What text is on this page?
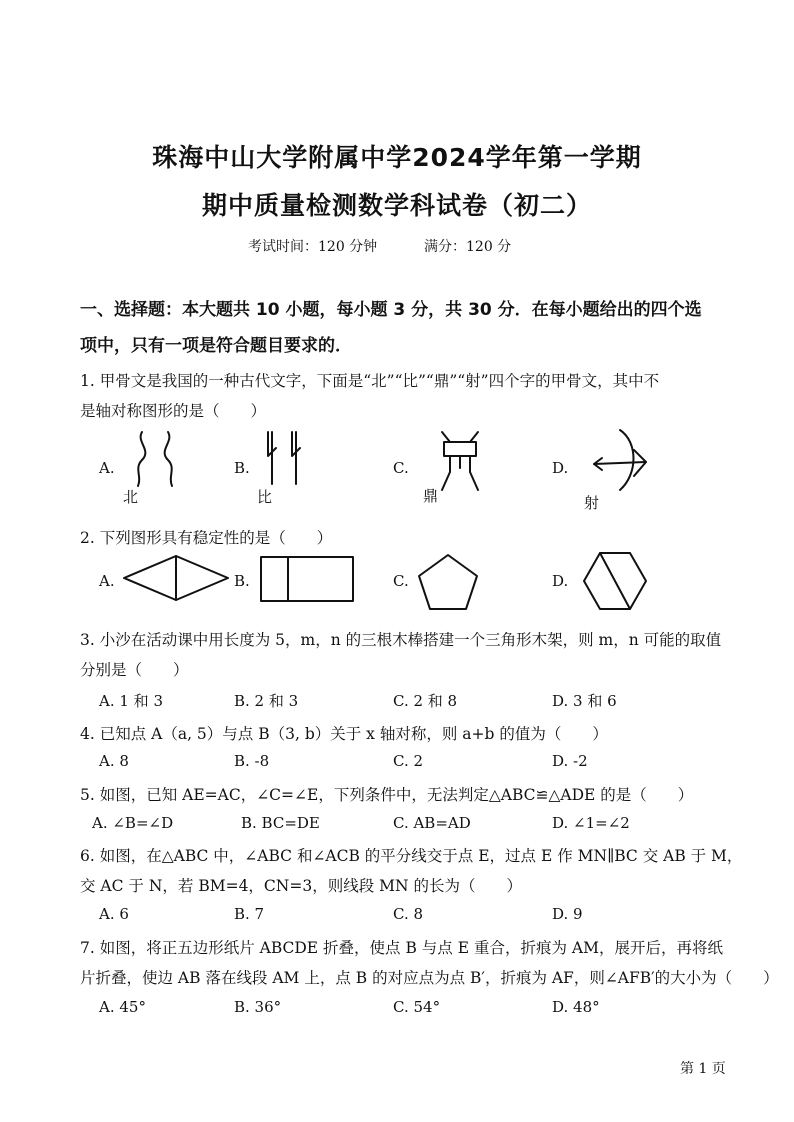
珠海中山大学附属中学2024学年第一学期
期中质量检测数学科试卷（初二）
考试时间：120 分钟	满分：120 分
一、选择题：本大题共 10 小题，每小题 3 分，共 30 分．在每小题给出的四个选
项中，只有一项是符合题目要求的．
1. 甲骨文是我国的一种古代文字，下面是“北”“比”“鼎”“射”四个字的甲骨文，其中不
是轴对称图形的是（　　）
A.	B.	C.	D.
北	比	鼎	射
2. 下列图形具有稳定性的是（　　）
A.	B.	C.	D.
3. 小沙在活动课中用长度为 5，m，n 的三根木棒搭建一个三角形木架，则 m，n 可能的取值
分别是（　　）
A. 1 和 3	B. 2 和 3	C. 2 和 8	D. 3 和 6
4. 已知点 A（a, 5）与点 B（3, b）关于 x 轴对称，则 a+b 的值为（　　）
A. 8	B. -8	C. 2	D. -2
5. 如图，已知 AE=AC，∠C=∠E，下列条件中，无法判定△ABC≌△ADE 的是（　　）
A. ∠B=∠D	B. BC=DE	C. AB=AD	D. ∠1=∠2
6. 如图，在△ABC 中，∠ABC 和∠ACB 的平分线交于点 E，过点 E 作 MN∥BC 交 AB 于 M，
交 AC 于 N，若 BM=4，CN=3，则线段 MN 的长为（　　）
A. 6	B. 7	C. 8	D. 9
7. 如图，将正五边形纸片 ABCDE 折叠，使点 B 与点 E 重合，折痕为 AM，展开后，再将纸
片折叠，使边 AB 落在线段 AM 上，点 B 的对应点为点 B′，折痕为 AF，则∠AFB′的大小为（　　）
A. 45°	B. 36°	C. 54°	D. 48°
第 1 页
